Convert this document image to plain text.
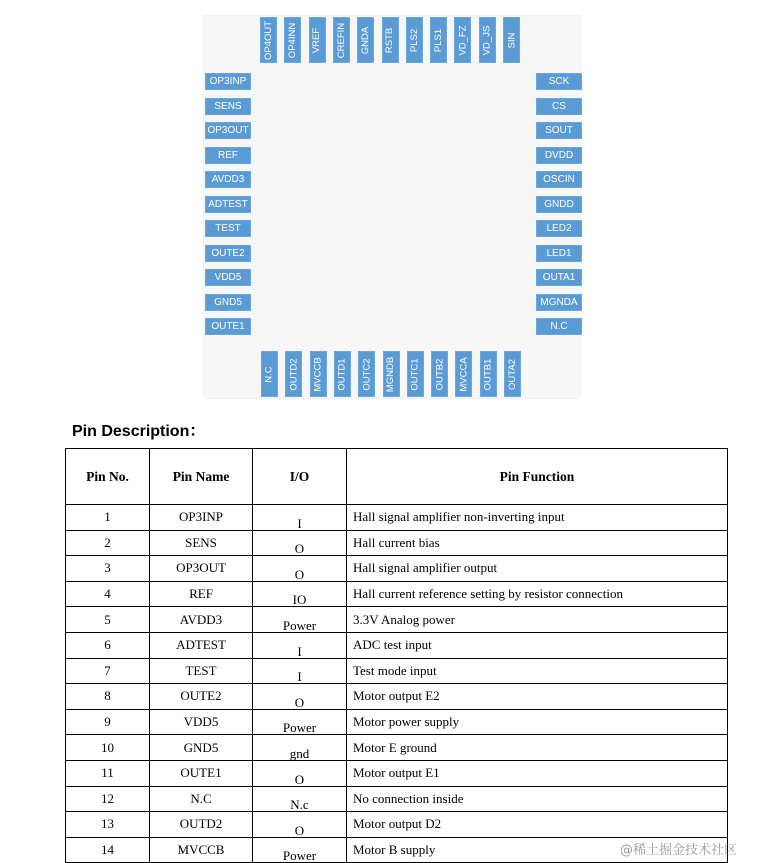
OP4OUT OP4INN VREF CREFIN GNDA RSTB PLS2 PLS1 VD_FZ VD_JS SIN
OP3INP
SENS
OP3OUT
REF
AVDD3
ADTEST
TEST
OUTE2
VDD5
GND5
OUTE1
SCK
CS
SOUT
DVDD
OSCIN
GNDD
LED2
LED1
OUTA1
MGNDA
N.C
N.C OUTD2 MVCCB OUTD1 OUTC2 MGNDB OUTC1 OUTB2 MVCCA OUTB1 OUTA2
Pin Description：
Pin No.	Pin Name	I/O	Pin Function
1	OP3INP	I	Hall signal amplifier non-inverting input
2	SENS	O	Hall current bias
3	OP3OUT	O	Hall signal amplifier output
4	REF	IO	Hall current reference setting by resistor connection
5	AVDD3	Power	3.3V Analog power
6	ADTEST	I	ADC test input
7	TEST	I	Test mode input
8	OUTE2	O	Motor output E2
9	VDD5	Power	Motor power supply
10	GND5	gnd	Motor E ground
11	OUTE1	O	Motor output E1
12	N.C	N.c	No connection inside
13	OUTD2	O	Motor output D2
14	MVCCB	Power	Motor B supply	@稀土掘金技术社区
